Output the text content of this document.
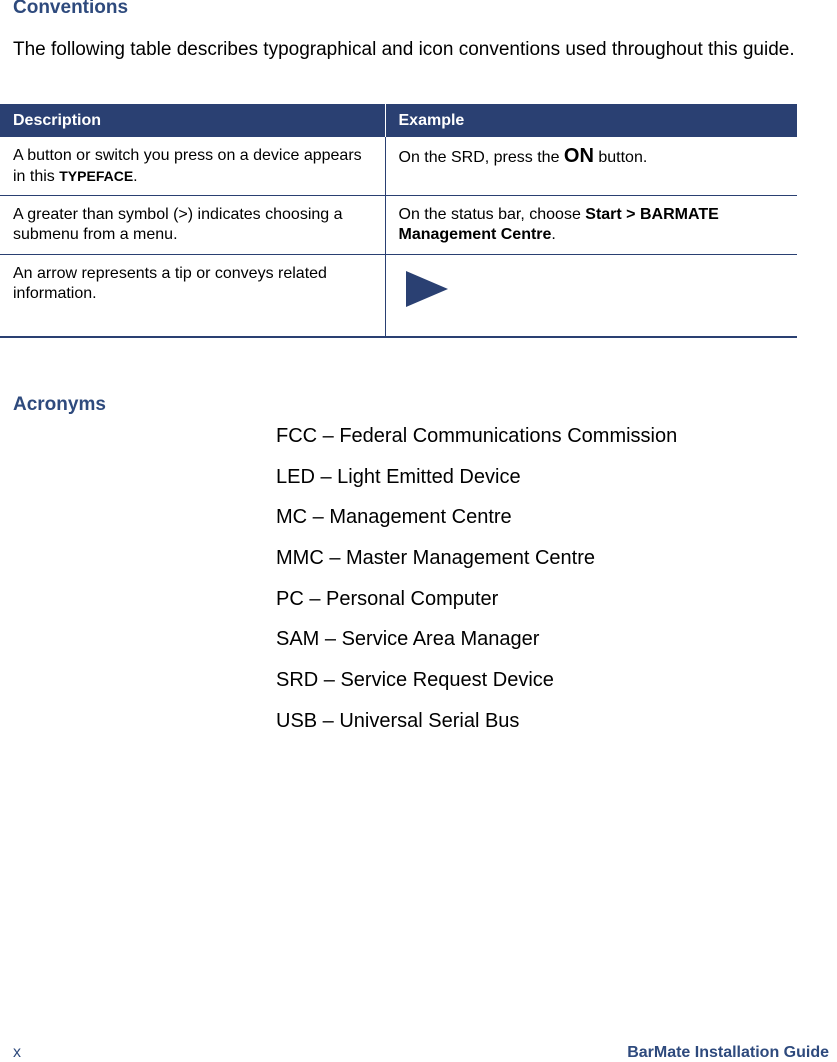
Conventions

The following table describes typographical and icon conventions used throughout this guide.

Description	Example
A button or switch you press on a device appears in this TYPEFACE.	On the SRD, press the ON button.
A greater than symbol (>) indicates choosing a submenu from a menu.	On the status bar, choose Start > BARMATE Management Centre.
An arrow represents a tip or conveys related information.	
Acronyms
FCC – Federal Communications Commission
LED – Light Emitted Device
MC – Management Centre
MMC – Master Management Centre
PC – Personal Computer
SAM – Service Area Manager
SRD – Service Request Device
USB – Universal Serial Bus
x	BarMate Installation Guide
